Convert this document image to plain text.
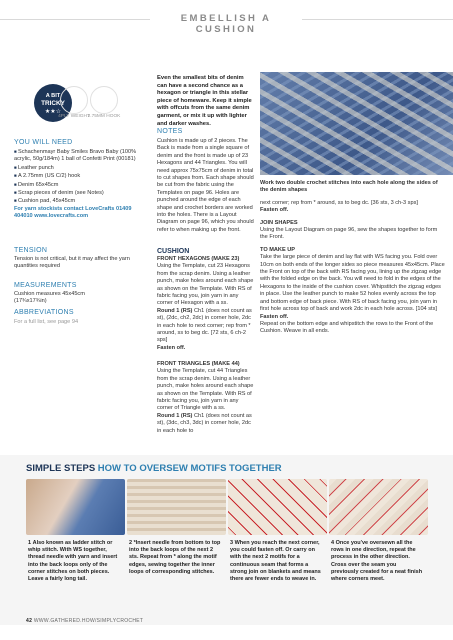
EMBELLISH A CUSHION
A BIT
TRICKY
★★☆
4PLY WEIGHT
2.75MM HOOK
YOU WILL NEED
■ Schachenmayr Baby Smiles Bravo Baby (100% acrylic, 50g/184m) 1 ball of Confetti Print (00181)
■ Leather punch
■ A 2.75mm (US C/2) hook
■ Denim 65x45cm
■ Scrap pieces of denim (see Notes)
■ Cushion pad, 45x45cm
For yarn stockists contact LoveCrafts 01409 404010 www.lovecrafts.com
TENSION
Tension is not critical, but it may affect the yarn quantities required
MEASUREMENTS
Cushion measures 45x45cm
(17¾x17¾in)
ABBREVIATIONS
For a full list, see page 94
Even the smallest bits of denim can have a second chance as a hexagon or triangle in this stellar piece of homeware. Keep it simple with offcuts from the same denim garment, or mix it up with lighter and darker washes.
NOTES
Cushion is made up of 2 pieces. The Back is made from a single square of denim and the front is made up of 23 Hexagons and 44 Triangles. You will need approx 75x75cm of denim in total to cut shapes from. Each shape should be cut from the fabric using the Templates on page 96. Holes are punched around the edge of each shape and crochet borders are worked into the holes. There is a Layout Diagram on page 96, which you should refer to when making up the front.
CUSHION
FRONT HEXAGONS (MAKE 23)
Using the Template, cut 23 Hexagons from the scrap denim. Using a leather punch, make holes around each shape as shown on the Template. With RS of fabric facing you, join yarn in any corner of Hexagon with a ss.
Round 1 (RS) Ch1 (does not count as st), (2dc, ch2, 2dc) in corner hole, 2dc in each hole to next corner; rep from * around, ss to beg dc. [72 sts, 6 ch-2 sps]
Fasten off.
FRONT TRIANGLES (MAKE 44)
Using the Template, cut 44 Triangles from the scrap denim. Using a leather punch, make holes around each shape as shown on the Template. With RS of fabric facing you, join yarn in any corner of Triangle with a ss.
Round 1 (RS) Ch1 (does not count as st), (3dc, ch3, 3dc) in corner hole, 2dc in each hole to
Work two double crochet stitches into each hole along the sides of the denim shapes
next corner; rep from * around, ss to beg dc. [36 sts, 3 ch-3 sps]
Fasten off.
JOIN SHAPES
Using the Layout Diagram on page 96, sew the shapes together to form the Front.
TO MAKE UP
Take the large piece of denim and lay flat with WS facing you. Fold over 10cm on both ends of the longer sides so piece measures 45x45cm. Place the Front on top of the back with RS facing you, lining up the zigzag edge with the folded edge on the back. You will need to fold in the edges of the Hexagons to the inside of the cushion cover. Whipstitch the zigzag edges in place. Use the leather punch to make 52 holes evenly across the top and bottom edge of back piece. With RS of back facing you, join yarn in first hole across top of back and work 2dc in each hole across. [104 sts]
Fasten off.
Repeat on the bottom edge and whipstitch the rows to the Front of the Cushion. Weave in all ends.
SIMPLE STEPS HOW TO OVERSEW MOTIFS TOGETHER
1 Also known as ladder stitch or whip stitch. With WS together, thread needle with yarn and insert into the back loops only of the corner stitches on both pieces. Leave a fairly long tail.
2 *Insert needle from bottom to top into the back loops of the next 2 sts. Repeat from * along the motif edges, sewing together the inner loops of corresponding stitches.
3 When you reach the next corner, you could fasten off. Or carry on with the next 2 motifs for a continuous seam that forms a strong join on blankets and means there are fewer ends to weave in.
4 Once you've oversewn all the rows in one direction, repeat the process in the other direction. Cross over the seam you previously created for a neat finish where corners meet.
42 WWW.GATHERED.HOW/SIMPLYCROCHET
